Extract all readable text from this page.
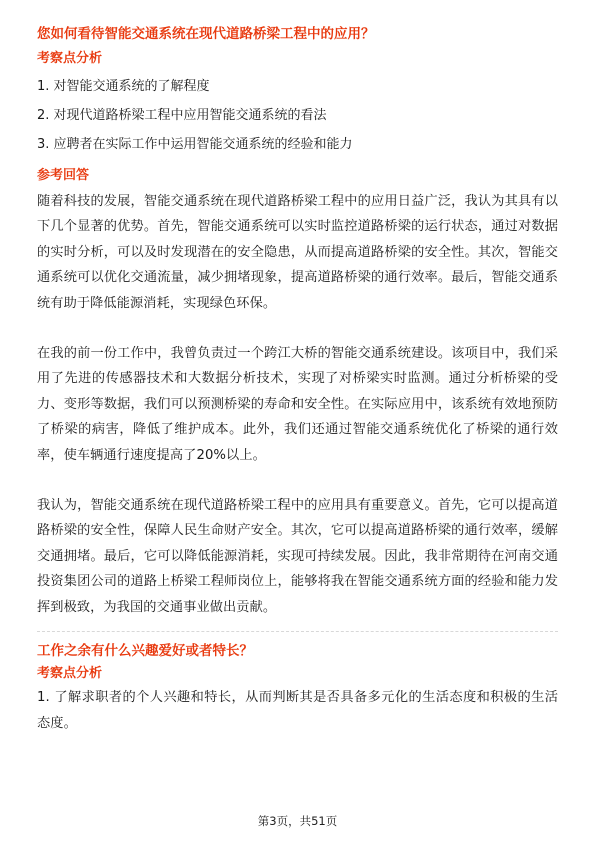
您如何看待智能交通系统在现代道路桥梁工程中的应用？

考察点分析

1. 对智能交通系统的了解程度

2. 对现代道路桥梁工程中应用智能交通系统的看法

3. 应聘者在实际工作中运用智能交通系统的经验和能力

参考回答

随着科技的发展，智能交通系统在现代道路桥梁工程中的应用日益广泛，我认为其具有以下几个显著的优势。首先，智能交通系统可以实时监控道路桥梁的运行状态，通过对数据的实时分析，可以及时发现潜在的安全隐患，从而提高道路桥梁的安全性。其次，智能交通系统可以优化交通流量，减少拥堵现象，提高道路桥梁的通行效率。最后，智能交通系统有助于降低能源消耗，实现绿色环保。

在我的前一份工作中，我曾负责过一个跨江大桥的智能交通系统建设。该项目中，我们采用了先进的传感器技术和大数据分析技术，实现了对桥梁实时监测。通过分析桥梁的受力、变形等数据，我们可以预测桥梁的寿命和安全性。在实际应用中，该系统有效地预防了桥梁的病害，降低了维护成本。此外，我们还通过智能交通系统优化了桥梁的通行效率，使车辆通行速度提高了20%以上。

我认为，智能交通系统在现代道路桥梁工程中的应用具有重要意义。首先，它可以提高道路桥梁的安全性，保障人民生命财产安全。其次，它可以提高道路桥梁的通行效率，缓解交通拥堵。最后，它可以降低能源消耗，实现可持续发展。因此，我非常期待在河南交通投资集团公司的道路上桥梁工程师岗位上，能够将我在智能交通系统方面的经验和能力发挥到极致，为我国的交通事业做出贡献。

工作之余有什么兴趣爱好或者特长？

考察点分析

1. 了解求职者的个人兴趣和特长，从而判断其是否具备多元化的生活态度和积极的生活态度。

第3页，共51页
